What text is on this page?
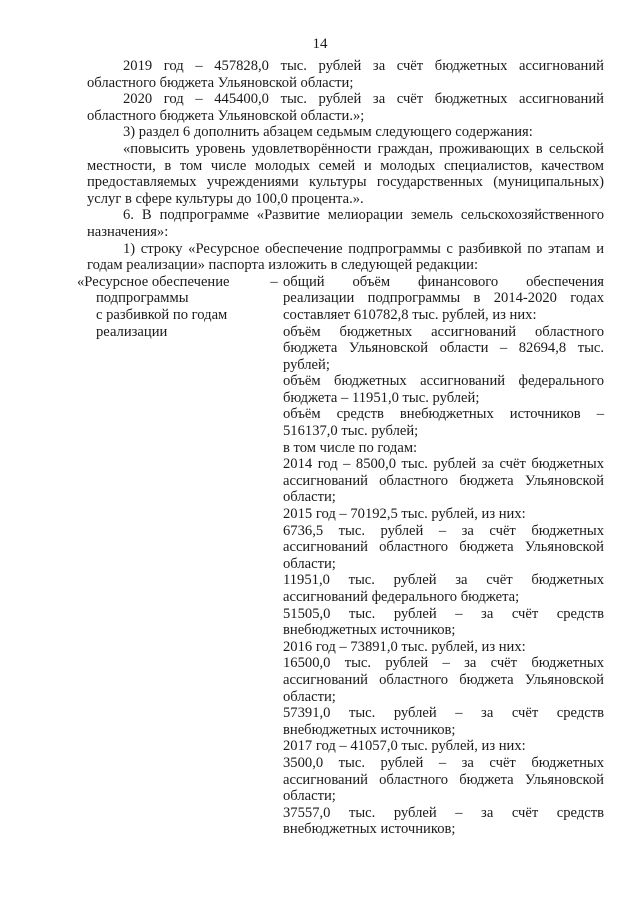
14

2019 год – 457828,0 тыс. рублей за счёт бюджетных ассигнований областного бюджета Ульяновской области;

2020 год – 445400,0 тыс. рублей за счёт бюджетных ассигнований областного бюджета Ульяновской области.»;

3) раздел 6 дополнить абзацем седьмым следующего содержания:

«повысить уровень удовлетворённости граждан, проживающих в сельской местности, в том числе молодых семей и молодых специалистов, качеством предоставляемых учреждениями культуры государственных (муниципальных) услуг в сфере культуры до 100,0 процента.».

6. В подпрограмме «Развитие мелиорации земель сельскохозяйственного назначения»:

1) строку «Ресурсное обеспечение подпрограммы с разбивкой по этапам и годам реализации» паспорта изложить в следующей редакции:

«Ресурсное обеспечение
подпрограммы
с разбивкой по годам
реализации
– общий объём финансового обеспечения реализации подпрограммы в 2014-2020 годах составляет 610782,8 тыс. рублей, из них:

объём бюджетных ассигнований областного бюджета Ульяновской области – 82694,8 тыс. рублей;

объём бюджетных ассигнований федерального бюджета – 11951,0 тыс. рублей;

объём средств внебюджетных источников – 516137,0 тыс. рублей;

в том числе по годам:

2014 год – 8500,0 тыс. рублей за счёт бюджетных ассигнований областного бюджета Ульяновской области;

2015 год – 70192,5 тыс. рублей, из них:

6736,5 тыс. рублей – за счёт бюджетных ассигнований областного бюджета Ульяновской области;

11951,0 тыс. рублей за счёт бюджетных ассигнований федерального бюджета;

51505,0 тыс. рублей – за счёт средств внебюджетных источников;

2016 год – 73891,0 тыс. рублей, из них:

16500,0 тыс. рублей – за счёт бюджетных ассигнований областного бюджета Ульяновской области;

57391,0 тыс. рублей – за счёт средств внебюджетных источников;

2017 год – 41057,0 тыс. рублей, из них:

3500,0 тыс. рублей – за счёт бюджетных ассигнований областного бюджета Ульяновской области;

37557,0 тыс. рублей – за счёт средств внебюджетных источников;
